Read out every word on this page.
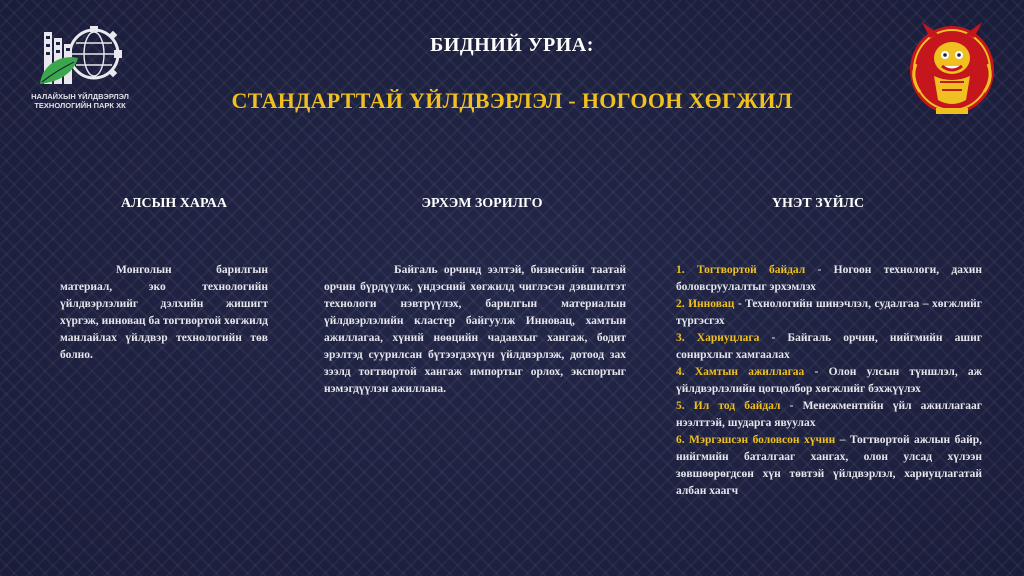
НАЛАЙХЫН ҮЙЛДВЭРЛЭЛ ТЕХНОЛОГИЙН ПАРК ХК
БИДНИЙ УРИА:
СТАНДАРТТАЙ ҮЙЛДВЭРЛЭЛ - НОГООН ХӨГЖИЛ
АЛСЫН ХАРАА	ЭРХЭМ ЗОРИЛГО	ҮНЭТ ЗҮЙЛС
Монголын барилгын материал, эко технологийн үйлдвэрлэлийг дэлхийн жишигт хүргэж, инновац ба тогтвортой хөгжилд манлайлах үйлдвэр технологийн төв болно.
Байгаль орчинд ээлтэй, бизнесийн таатай орчин бүрдүүлж, үндэсний хөгжилд чиглэсэн дэвшилтэт технологи нэвтрүүлэх, барилгын материалын үйлдвэрлэлийн кластер байгуулж Инновац, хамтын ажиллагаа, хүний нөөцийн чадавхыг хангаж, бодит эрэлтэд суурилсан бүтээгдэхүүн үйлдвэрлэж, дотоод зах зээлд тогтвортой хангаж импортыг орлох, экспортыг нэмэгдүүлэн ажиллана.

1. Тогтвортой байдал - Ногоон технологи, дахин боловсруулалтыг эрхэмлэх

2. Инновац - Технологийн шинэчлэл, судалгаа – хөгжлийг түргэсгэх

3. Хариуцлага - Байгаль орчин, нийгмийн ашиг сонирхлыг хамгаалах

4. Хамтын ажиллагаа - Олон улсын түншлэл, аж үйлдвэрлэлийн цогцолбор хөгжлийг бэхжүүлэх

5. Ил тод байдал - Менежментийн үйл ажиллагааг нээлттэй, шударга явуулах

6. Мэргэшсэн боловсон хүчин – Тогтвортой ажлын байр, нийгмийн баталгааг хангах, олон улсад хүлээн зөвшөөрөгдсөн хүн төвтэй үйлдвэрлэл, хариуцлагатай албан хаагч
